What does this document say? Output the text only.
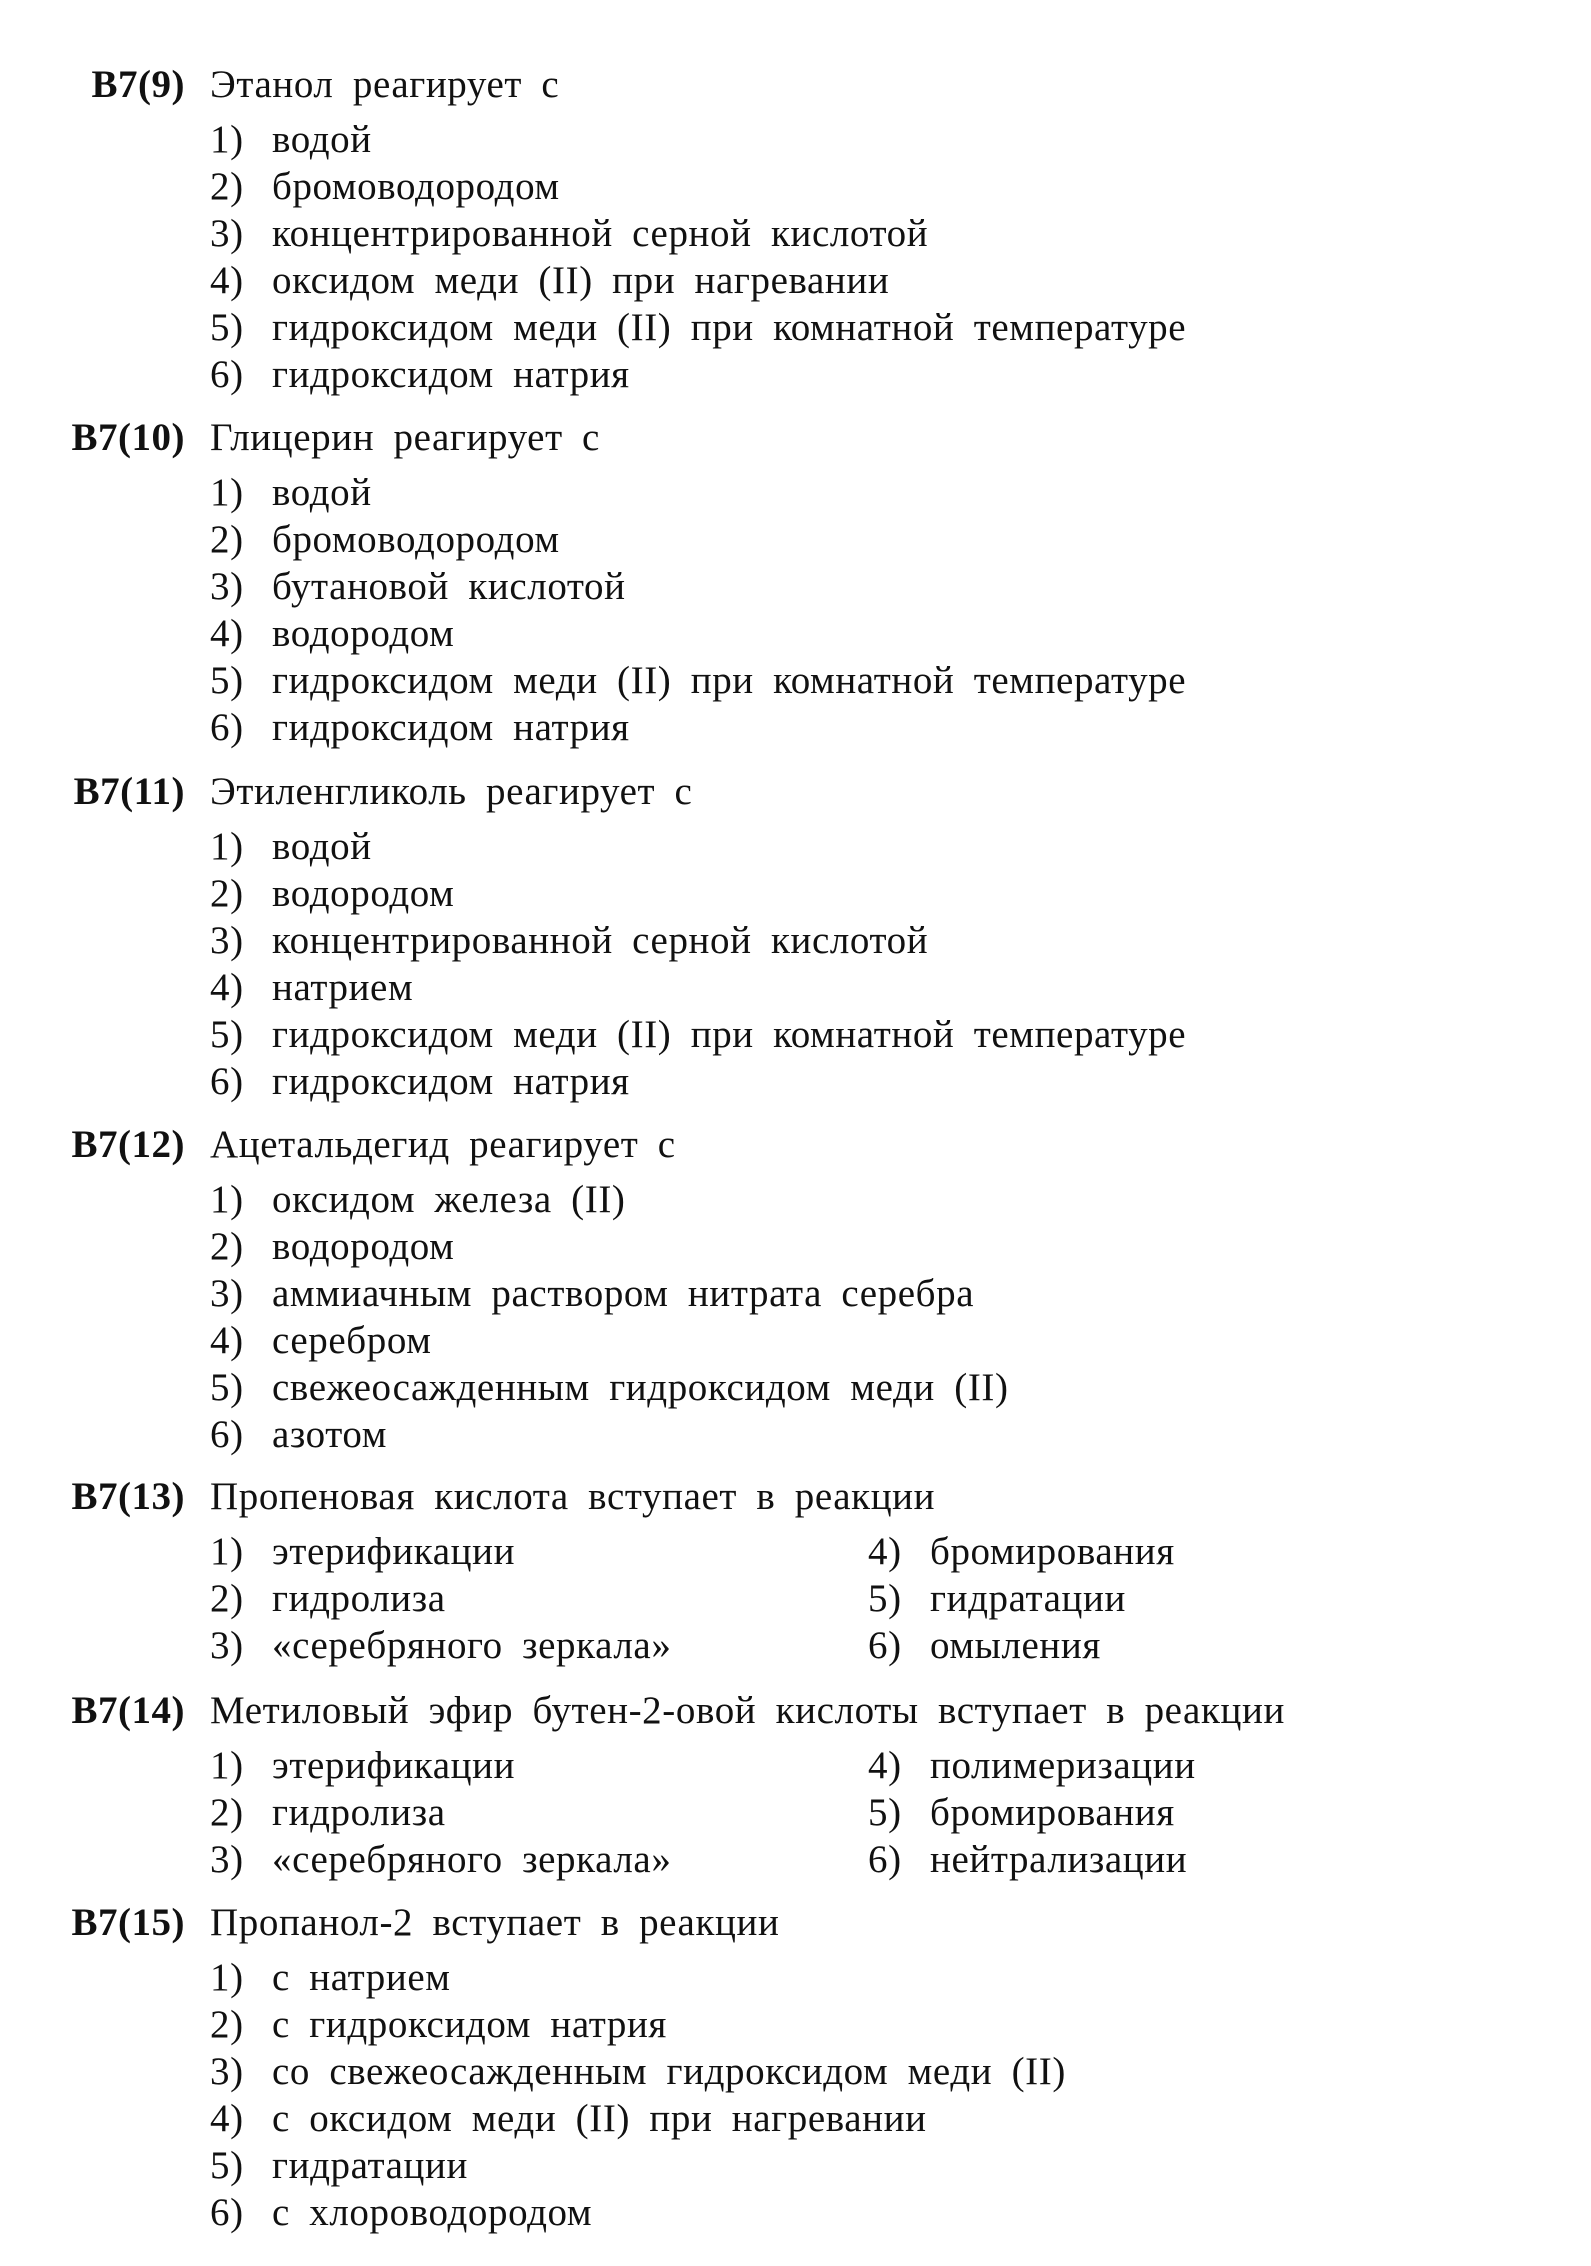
B7(9) Этанол реагирует с
1) водой
2) бромоводородом
3) концентрированной серной кислотой
4) оксидом меди (II) при нагревании
5) гидроксидом меди (II) при комнатной температуре
6) гидроксидом натрия
B7(10) Глицерин реагирует с
1) водой
2) бромоводородом
3) бутановой кислотой
4) водородом
5) гидроксидом меди (II) при комнатной температуре
6) гидроксидом натрия
B7(11) Этиленгликоль реагирует с
1) водой
2) водородом
3) концентрированной серной кислотой
4) натрием
5) гидроксидом меди (II) при комнатной температуре
6) гидроксидом натрия
B7(12) Ацетальдегид реагирует с
1) оксидом железа (II)
2) водородом
3) аммиачным раствором нитрата серебра
4) серебром
5) свежеосажденным гидроксидом меди (II)
6) азотом
B7(13) Пропеновая кислота вступает в реакции
1) этерификации
2) гидролиза
3) «серебряного зеркала»
4) бромирования
5) гидратации
6) омыления
B7(14) Метиловый эфир бутен-2-овой кислоты вступает в реакции
1) этерификации
2) гидролиза
3) «серебряного зеркала»
4) полимеризации
5) бромирования
6) нейтрализации
B7(15) Пропанол-2 вступает в реакции
1) с натрием
2) с гидроксидом натрия
3) со свежеосажденным гидроксидом меди (II)
4) с оксидом меди (II) при нагревании
5) гидратации
6) с хлороводородом
